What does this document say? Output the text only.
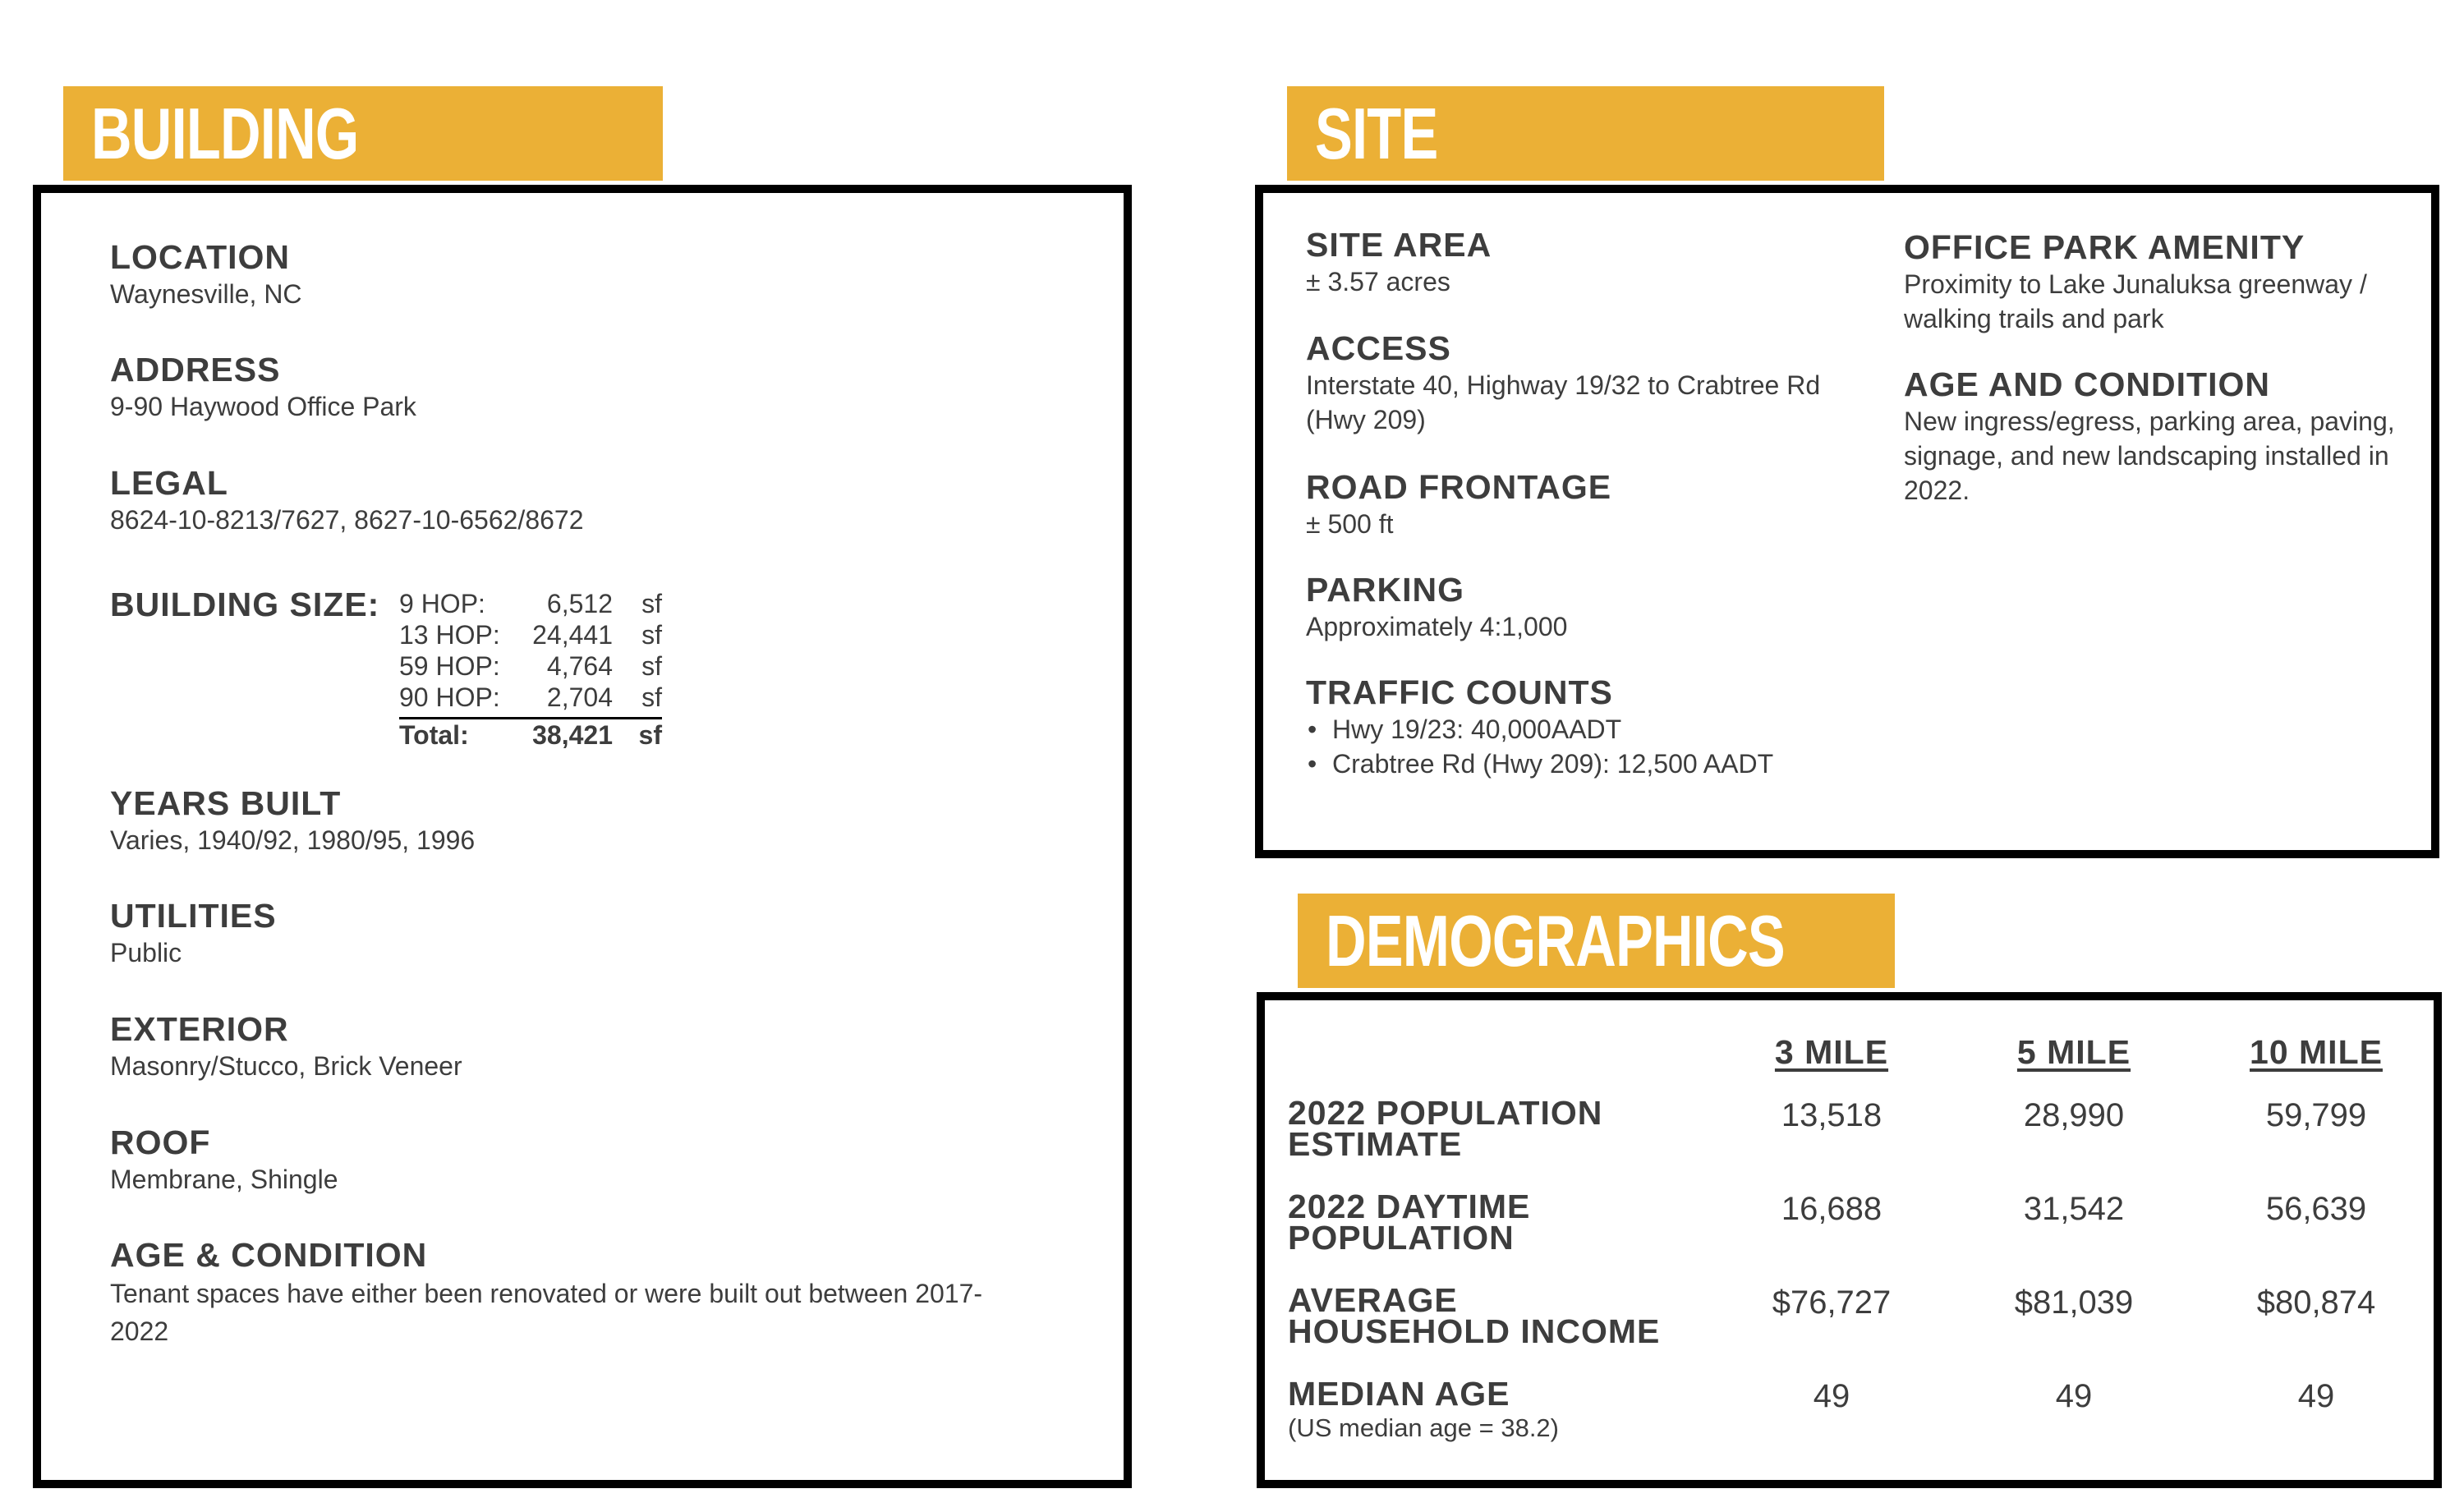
BUILDING
LOCATION
Waynesville, NC
ADDRESS
9-90 Haywood Office Park
LEGAL
8624-10-8213/7627, 8627-10-6562/8672
BUILDING SIZE: 9 HOP: 6,512 sf
13 HOP: 24,441 sf
59 HOP: 4,764 sf
90 HOP: 2,704 sf
Total: 38,421 sf
YEARS BUILT
Varies, 1940/92, 1980/95, 1996
UTILITIES
Public
EXTERIOR
Masonry/Stucco, Brick Veneer
ROOF
Membrane, Shingle
AGE & CONDITION
Tenant spaces have either been renovated or were built out between 2017-2022
SITE
SITE AREA
± 3.57 acres
ACCESS
Interstate 40, Highway 19/32 to Crabtree Rd (Hwy 209)
ROAD FRONTAGE
± 500 ft
PARKING
Approximately 4:1,000
TRAFFIC COUNTS
• Hwy 19/23: 40,000AADT
• Crabtree Rd (Hwy 209): 12,500 AADT
OFFICE PARK AMENITY
Proximity to Lake Junaluksa greenway / walking trails and park
AGE AND CONDITION
New ingress/egress, parking area, paving, signage, and new landscaping installed in 2022.
DEMOGRAPHICS
3 MILE	5 MILE	10 MILE
2022 POPULATION
ESTIMATE
13,518	28,990	59,799
2022 DAYTIME
POPULATION
16,688	31,542	56,639
AVERAGE
HOUSEHOLD INCOME
$76,727	$81,039	$80,874
MEDIAN AGE
(US median age = 38.2)
49	49	49
